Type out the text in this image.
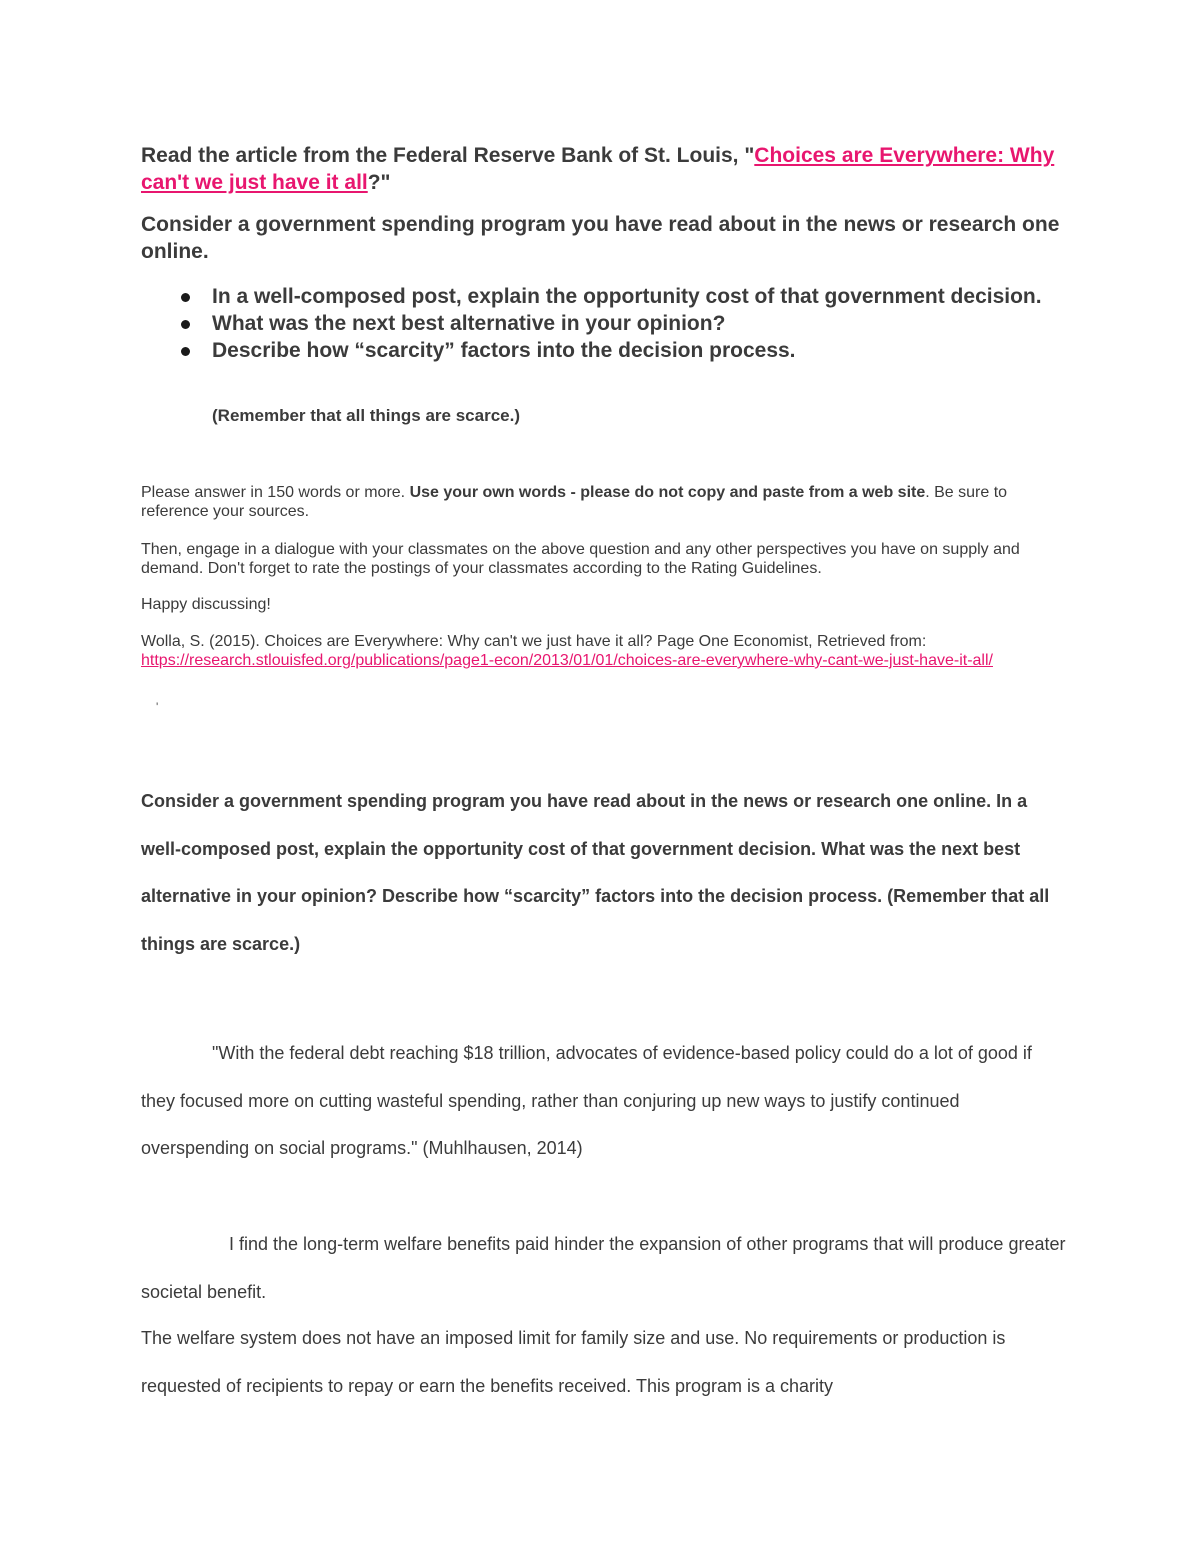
Read the article from the Federal Reserve Bank of St. Louis, "Choices are Everywhere: Why can't we just have it all?"

Consider a government spending program you have read about in the news or research one online.

In a well-composed post, explain the opportunity cost of that government decision.
What was the next best alternative in your opinion?
Describe how “scarcity” factors into the decision process.

(Remember that all things are scarce.)

Please answer in 150 words or more. Use your own words - please do not copy and paste from a web site. Be sure to reference your sources.

Then, engage in a dialogue with your classmates on the above question and any other perspectives you have on supply and demand. Don't forget to rate the postings of your classmates according to the Rating Guidelines.

Happy discussing!

Wolla, S. (2015). Choices are Everywhere: Why can't we just have it all? Page One Economist, Retrieved from: https://research.stlouisfed.org/publications/page1-econ/2013/01/01/choices-are-everywhere-why-cant-we-just-have-it-all/

'

Consider a government spending program you have read about in the news or research one online. In a well-composed post, explain the opportunity cost of that government decision. What was the next best alternative in your opinion? Describe how “scarcity” factors into the decision process. (Remember that all things are scarce.)

"With the federal debt reaching $18 trillion, advocates of evidence-based policy could do a lot of good if they focused more on cutting wasteful spending, rather than conjuring up new ways to justify continued overspending on social programs." (Muhlhausen, 2014)

I find the long-term welfare benefits paid hinder the expansion of other programs that will produce greater societal benefit.

The welfare system does not have an imposed limit for family size and use. No requirements or production is requested of recipients to repay or earn the benefits received. This program is a charity
